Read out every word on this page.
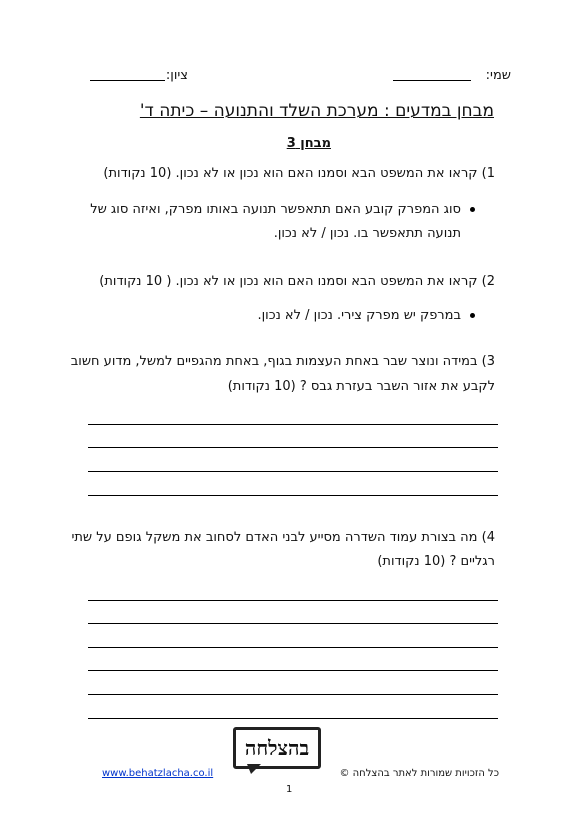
שמי:
ציון:
מבחן במדעים : מערכת השלד והתנועה – כיתה ד'
מבחן 3
1) קראו את המשפט הבא וסמנו האם הוא נכון או לא נכון. (10 נקודות)
סוג המפרק קובע האם תתאפשר תנועה באותו מפרק, ואיזה סוג של
תנועה תתאפשר בו. נכון / לא נכון.
2) קראו את המשפט הבא וסמנו האם הוא נכון או לא נכון. ( 10 נקודות)
במרפק יש מפרק צירי. נכון / לא נכון.
3) במידה ונוצר שבר באחת העצמות בגוף, באחת מהגפיים למשל, מדוע חשוב
לקבע את אזור השבר בעזרת גבס ? (10 נקודות)
4) מה בצורת עמוד השדרה מסייע לבני האדם לסחוב את משקל גופם על שתי
רגליים ? (10 נקודות)
בהצלחה
www.behatzlacha.co.il	כל הזכויות שמורות לאתר בהצלחה ©
1
